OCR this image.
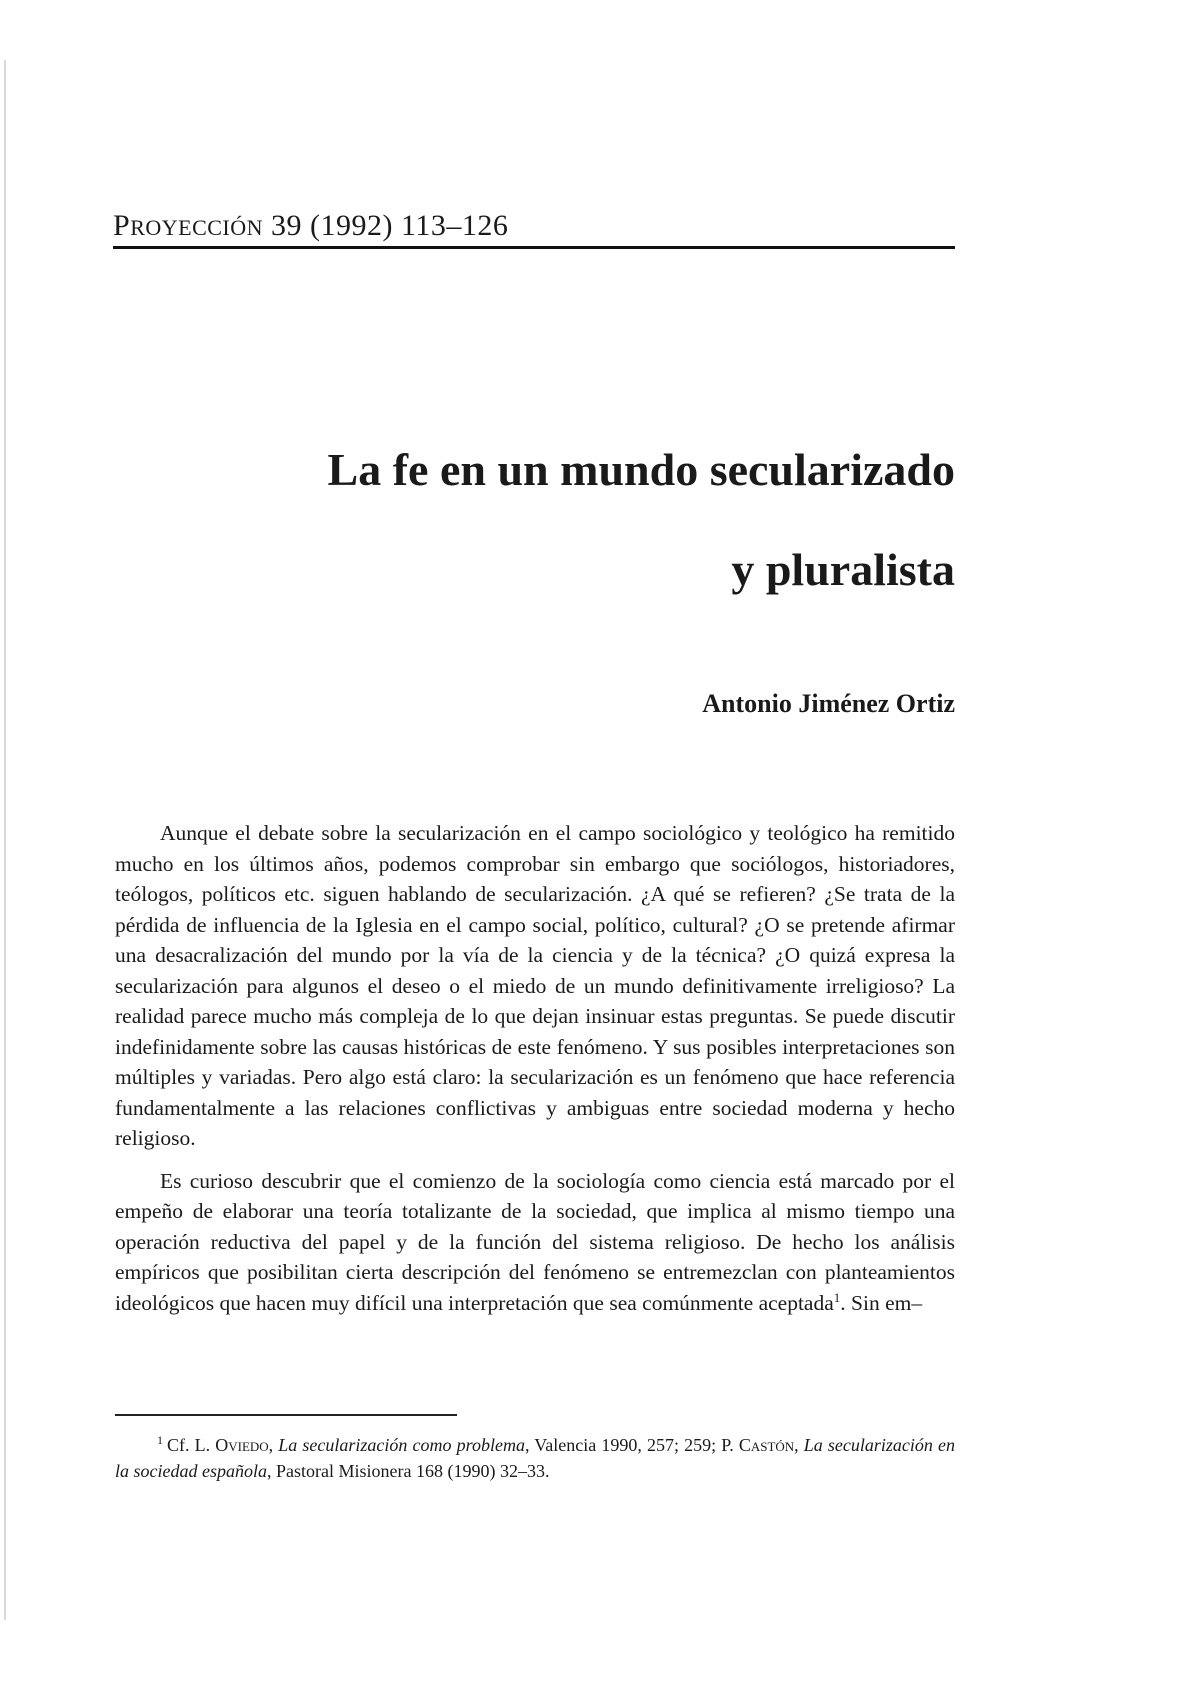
PROYECCIÓN 39 (1992) 113–126
La fe en un mundo secularizado
y pluralista
Antonio Jiménez Ortiz

Aunque el debate sobre la secularización en el campo sociológico y teológico ha remitido mucho en los últimos años, podemos comprobar sin embargo que sociólogos, historiadores, teólogos, políticos etc. siguen hablando de secularización. ¿A qué se refieren? ¿Se trata de la pérdida de influencia de la Iglesia en el campo social, político, cultural? ¿O se pretende afirmar una desacralización del mundo por la vía de la ciencia y de la técnica? ¿O quizá expresa la secularización para algunos el deseo o el miedo de un mundo definitivamente irreligioso? La realidad parece mucho más compleja de lo que dejan insinuar estas preguntas. Se puede discutir indefinidamente sobre las causas históricas de este fenómeno. Y sus posibles interpretaciones son múltiples y variadas. Pero algo está claro: la secularización es un fenómeno que hace referencia fundamentalmente a las relaciones conflictivas y ambiguas entre sociedad moderna y hecho religioso.

Es curioso descubrir que el comienzo de la sociología como ciencia está marcado por el empeño de elaborar una teoría totalizante de la sociedad, que implica al mismo tiempo una operación reductiva del papel y de la función del sistema religioso. De hecho los análisis empíricos que posibilitan cierta descripción del fenómeno se entremezclan con planteamientos ideológicos que hacen muy difícil una interpretación que sea comúnmente aceptada$^1$. Sin em–

$^1$ Cf. L. Oviedo, La secularización como problema, Valencia 1990, 257; 259; P. Castón, La secularización en la sociedad española, Pastoral Misionera 168 (1990) 32–33.
